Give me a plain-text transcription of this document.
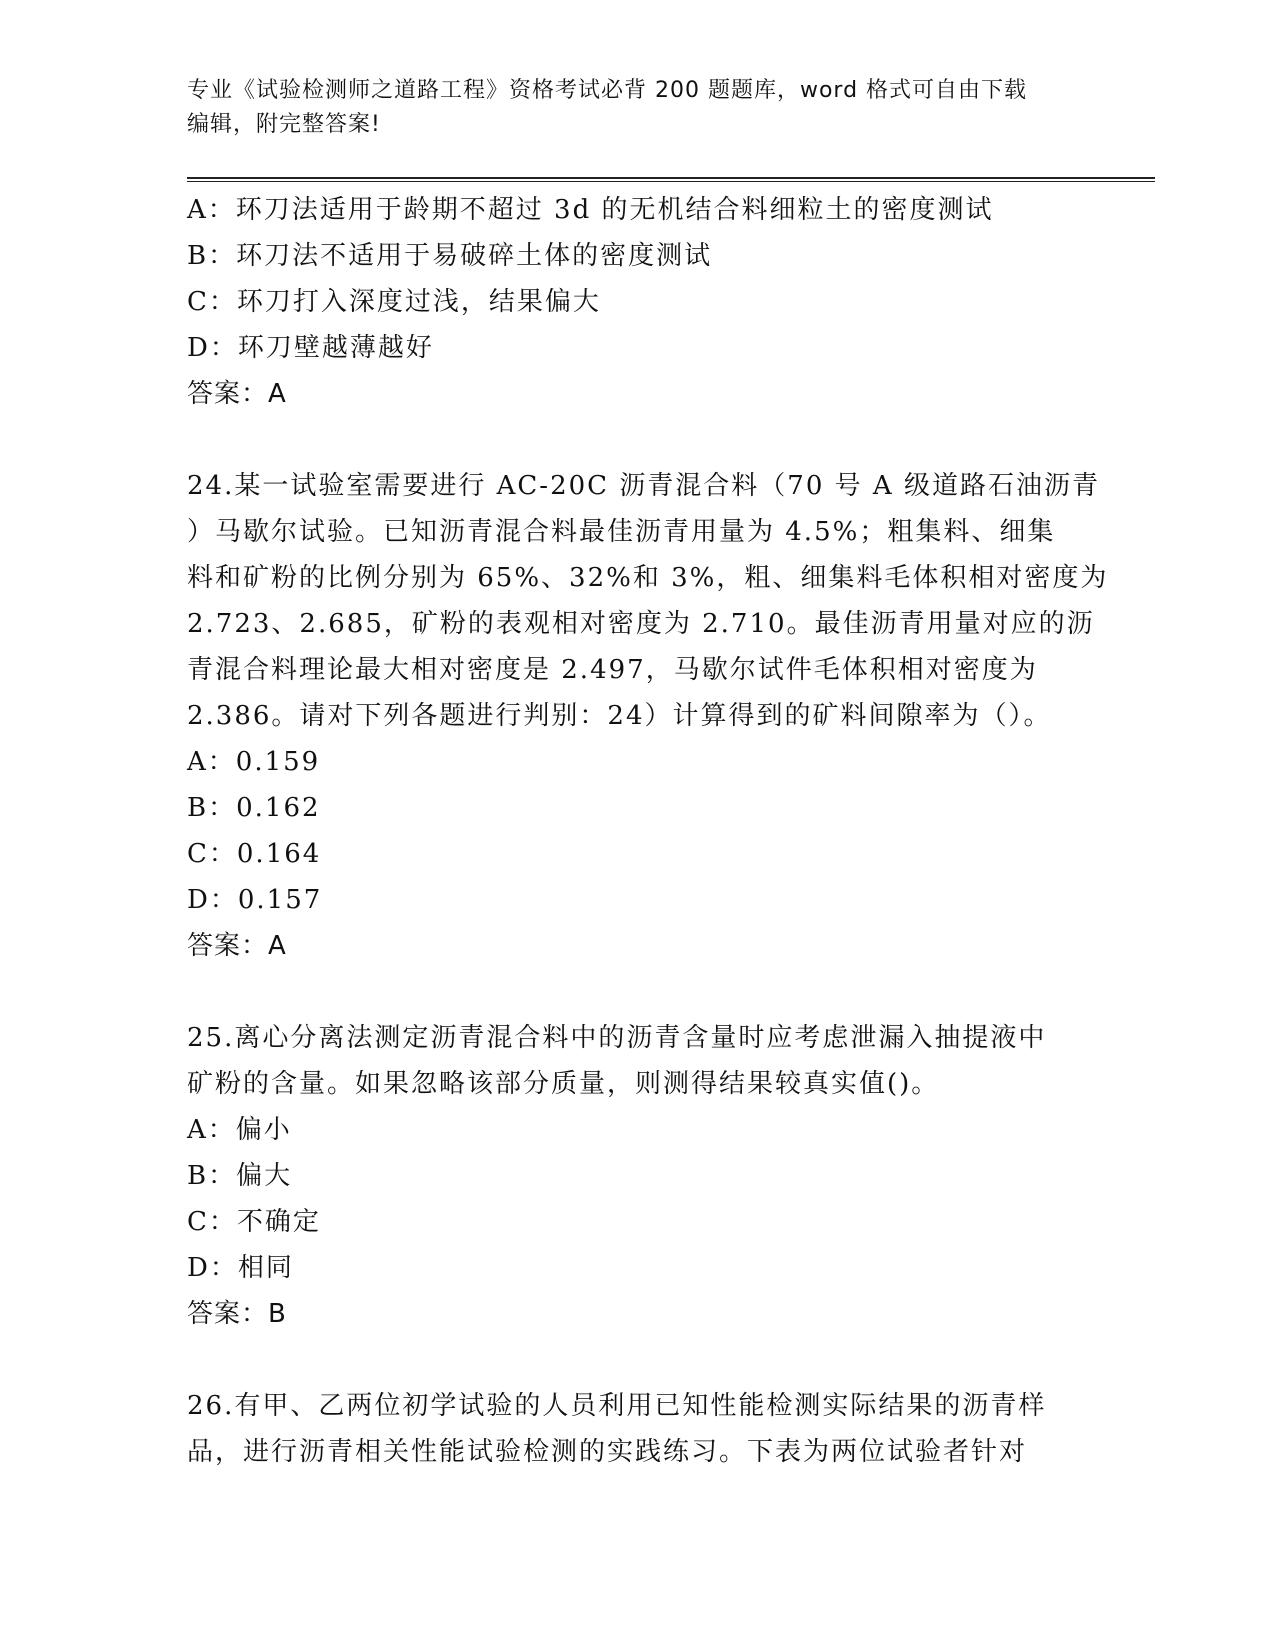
专业《试验检测师之道路工程》资格考试必背 200 题题库，word 格式可自由下载
编辑，附完整答案!
A：环刀法适用于龄期不超过 3d 的无机结合料细粒土的密度测试
B：环刀法不适用于易破碎土体的密度测试
C：环刀打入深度过浅，结果偏大
D：环刀壁越薄越好
答案：A
24.某一试验室需要进行 AC-20C 沥青混合料（70 号 A 级道路石油沥青
）马歇尔试验。已知沥青混合料最佳沥青用量为 4.5%；粗集料、细集
料和矿粉的比例分别为 65%、32%和 3%，粗、细集料毛体积相对密度为
2.723、2.685，矿粉的表观相对密度为 2.710。最佳沥青用量对应的沥
青混合料理论最大相对密度是 2.497，马歇尔试件毛体积相对密度为
2.386。请对下列各题进行判别：24）计算得到的矿料间隙率为（）。
A：0.159
B：0.162
C：0.164
D：0.157
答案：A
25.离心分离法测定沥青混合料中的沥青含量时应考虑泄漏入抽提液中
矿粉的含量。如果忽略该部分质量，则测得结果较真实值()。
A：偏小
B：偏大
C：不确定
D：相同
答案：B
26.有甲、乙两位初学试验的人员利用已知性能检测实际结果的沥青样
品，进行沥青相关性能试验检测的实践练习。下表为两位试验者针对
